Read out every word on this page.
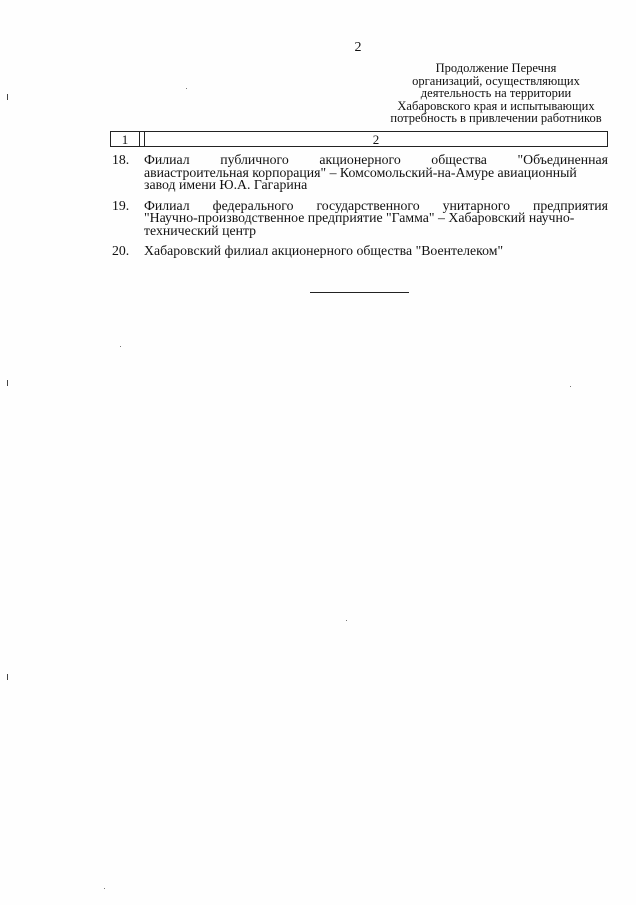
2
Продолжение Перечня
организаций, осуществляющих
деятельность на территории
Хабаровского края и испытывающих
потребность в привлечении работников
1	2
18.	Филиал публичного акционерного общества "Объединенная
авиастроительная корпорация" – Комсомольский-на-Амуре авиационный
завод имени Ю.А. Гагарина
19.	Филиал федерального государственного унитарного предприятия
"Научно-производственное предприятие "Гамма" – Хабаровский научно-
технический центр
20.	Хабаровский филиал акционерного общества "Воентелеком"
